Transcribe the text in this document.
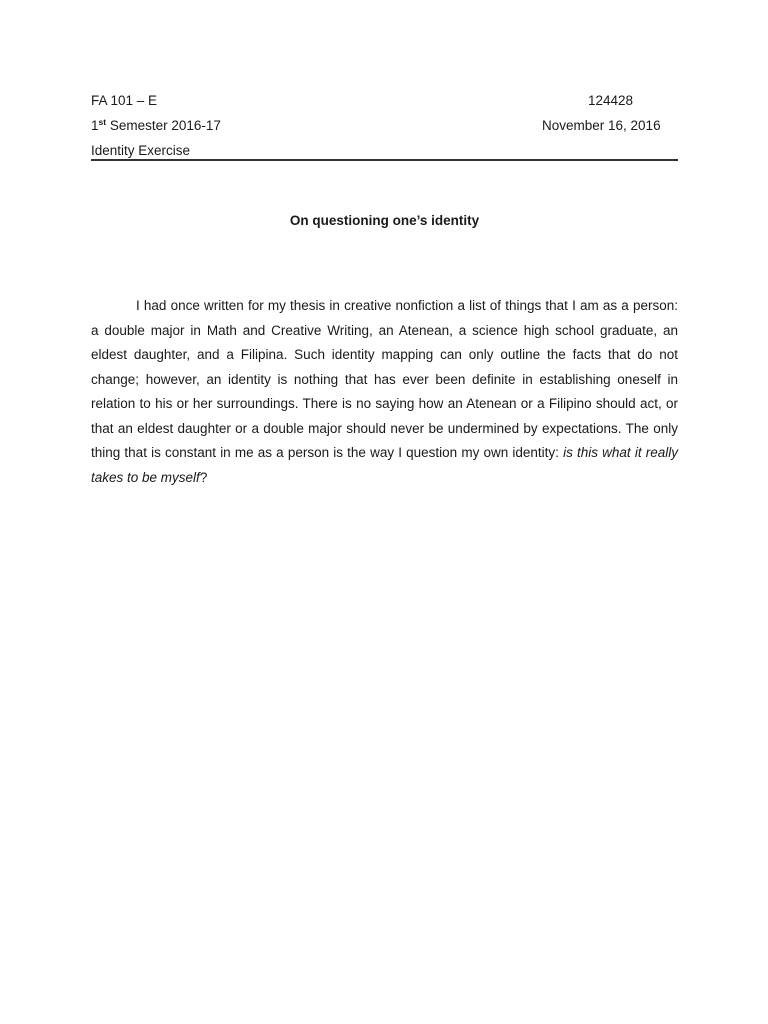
FA 101 – E	124428
1st Semester 2016-17	November 16, 2016
Identity Exercise
On questioning one’s identity

I had once written for my thesis in creative nonfiction a list of things that I am as a person: a double major in Math and Creative Writing, an Atenean, a science high school graduate, an eldest daughter, and a Filipina. Such identity mapping can only outline the facts that do not change; however, an identity is nothing that has ever been definite in establishing oneself in relation to his or her surroundings. There is no saying how an Atenean or a Filipino should act, or that an eldest daughter or a double major should never be undermined by expectations. The only thing that is constant in me as a person is the way I question my own identity: is this what it really takes to be myself?
